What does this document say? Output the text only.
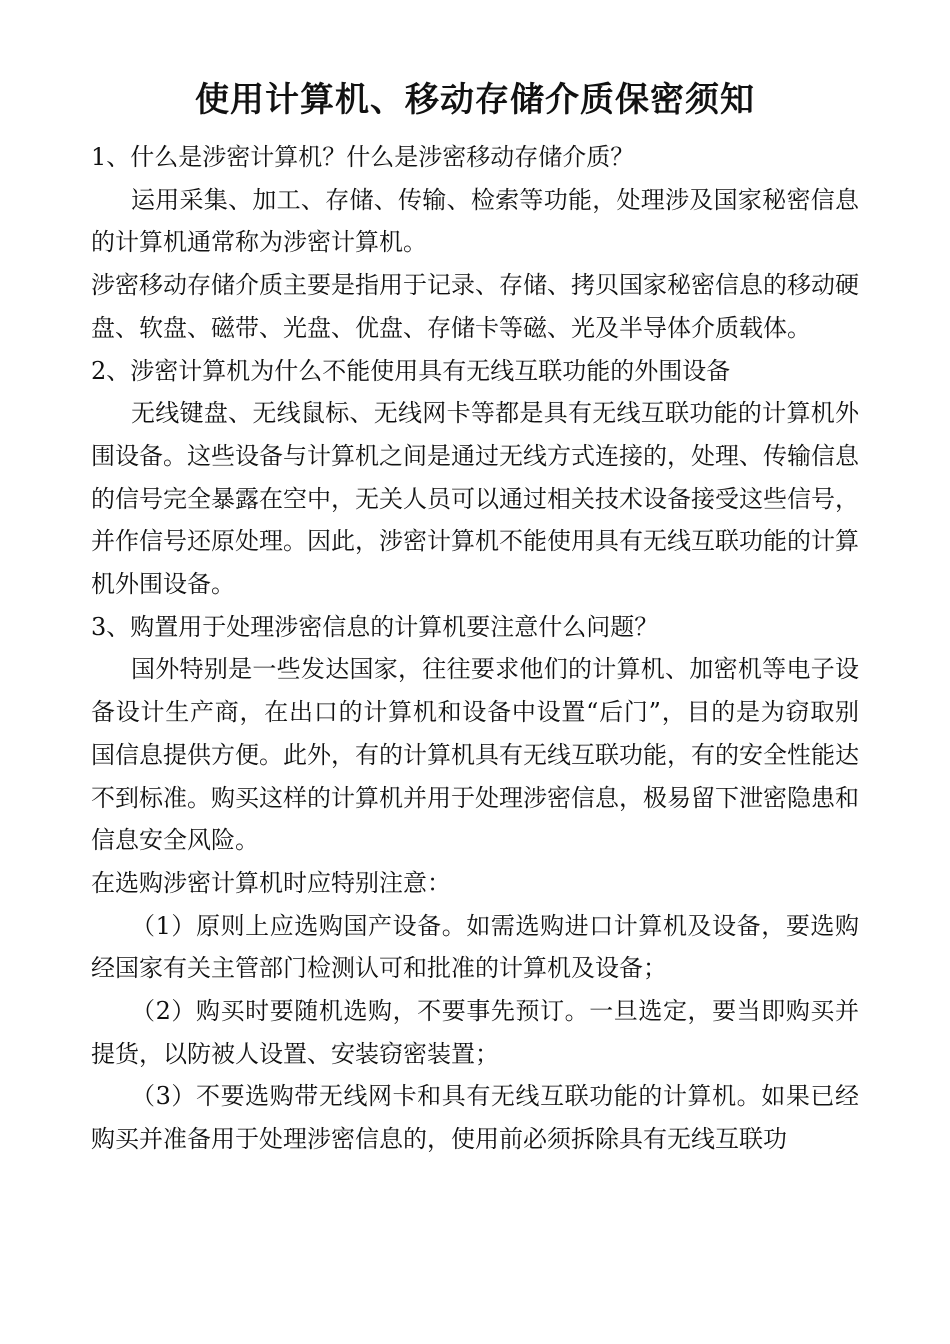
使用计算机、移动存储介质保密须知

1、什么是涉密计算机？什么是涉密移动存储介质？

运用采集、加工、存储、传输、检索等功能，处理涉及国家秘密信息的计算机通常称为涉密计算机。

涉密移动存储介质主要是指用于记录、存储、拷贝国家秘密信息的移动硬盘、软盘、磁带、光盘、优盘、存储卡等磁、光及半导体介质载体。

2、涉密计算机为什么不能使用具有无线互联功能的外围设备

无线键盘、无线鼠标、无线网卡等都是具有无线互联功能的计算机外围设备。这些设备与计算机之间是通过无线方式连接的，处理、传输信息的信号完全暴露在空中，无关人员可以通过相关技术设备接受这些信号，并作信号还原处理。因此，涉密计算机不能使用具有无线互联功能的计算机外围设备。

3、购置用于处理涉密信息的计算机要注意什么问题？

国外特别是一些发达国家，往往要求他们的计算机、加密机等电子设备设计生产商，在出口的计算机和设备中设置“后门”，目的是为窃取别国信息提供方便。此外，有的计算机具有无线互联功能，有的安全性能达不到标准。购买这样的计算机并用于处理涉密信息，极易留下泄密隐患和信息安全风险。

在选购涉密计算机时应特别注意：

（1）原则上应选购国产设备。如需选购进口计算机及设备，要选购经国家有关主管部门检测认可和批准的计算机及设备；

（2）购买时要随机选购，不要事先预订。一旦选定，要当即购买并提货，以防被人设置、安装窃密装置；

（3）不要选购带无线网卡和具有无线互联功能的计算机。如果已经购买并准备用于处理涉密信息的，使用前必须拆除具有无线互联功
